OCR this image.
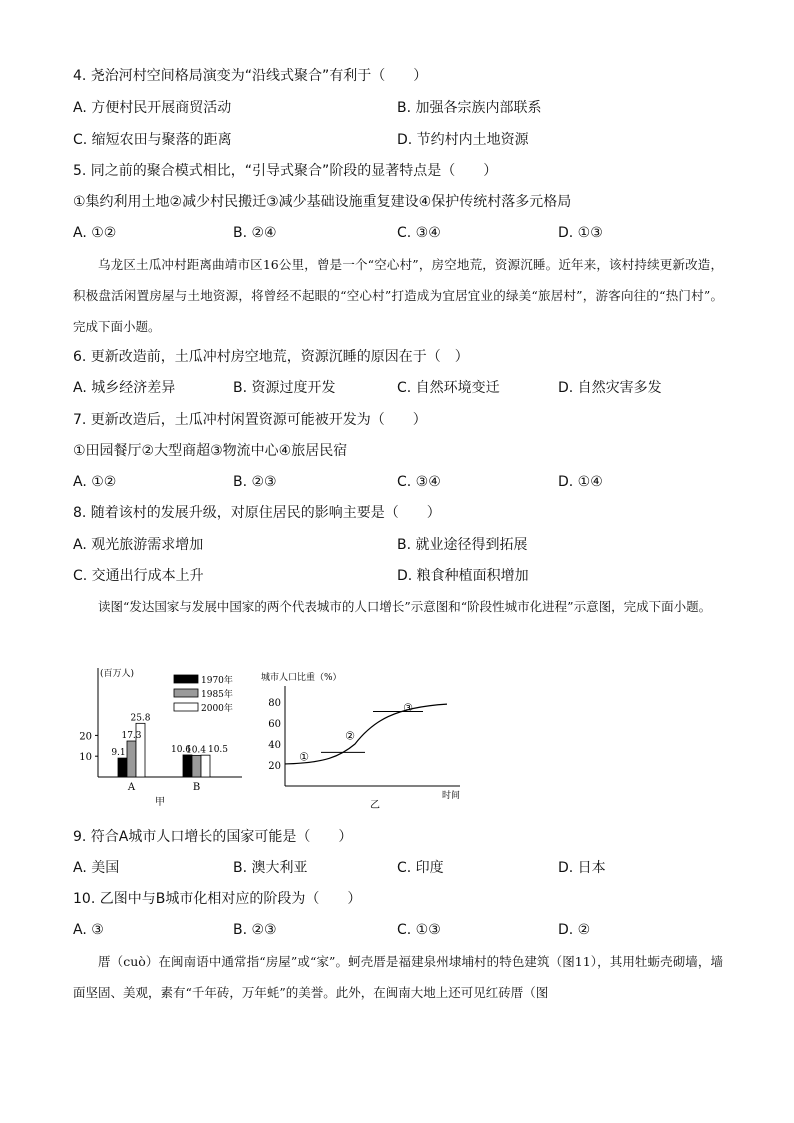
4. 尧治河村空间格局演变为“沿线式聚合”有利于（　　）
A. 方便村民开展商贸活动	B. 加强各宗族内部联系
C. 缩短农田与聚落的距离	D. 节约村内土地资源
5. 同之前的聚合模式相比，“引导式聚合”阶段的显著特点是（　　）
①集约利用土地②减少村民搬迁③减少基础设施重复建设④保护传统村落多元格局
A. ①②	B. ②④	C. ③④	D. ①③
乌龙区土瓜冲村距离曲靖市区16公里，曾是一个“空心村”，房空地荒，资源沉睡。近年来，该村持续更新改造，积极盘活闲置房屋与土地资源，将曾经不起眼的“空心村”打造成为宜居宜业的绿美“旅居村”，游客向往的“热门村”。完成下面小题。
6. 更新改造前，土瓜冲村房空地荒，资源沉睡的原因在于（　）
A. 城乡经济差异	B. 资源过度开发	C. 自然环境变迁	D. 自然灾害多发
7. 更新改造后，土瓜冲村闲置资源可能被开发为（　　）
①田园餐厅②大型商超③物流中心④旅居民宿
A. ①②	B. ②③	C. ③④	D. ①④
8. 随着该村的发展升级，对原住居民的影响主要是（　　）
A. 观光旅游需求增加	B. 就业途径得到拓展
C. 交通出行成本上升	D. 粮食种植面积增加
读图“发达国家与发展中国家的两个代表城市的人口增长”示意图和“阶段性城市化进程”示意图，完成下面小题。
(百万人)
10
20
9.1
17.3
25.8
A
10.6
10.4 10.5
B
1970年
1985年
2000年
甲
城市人口比重（%）
20
40
60
80
①
②
③
时间
乙
9. 符合A城市人口增长的国家可能是（　　）
A. 美国	B. 澳大利亚	C. 印度	D. 日本
10. 乙图中与B城市化相对应的阶段为（　　）
A. ③	B. ②③	C. ①③	D. ②
厝（cuò）在闽南语中通常指“房屋”或“家”。蚵壳厝是福建泉州埭埔村的特色建筑（图11），其用牡蛎壳砌墙，墙面坚固、美观，素有“千年砖，万年蚝”的美誉。此外，在闽南大地上还可见红砖厝（图
